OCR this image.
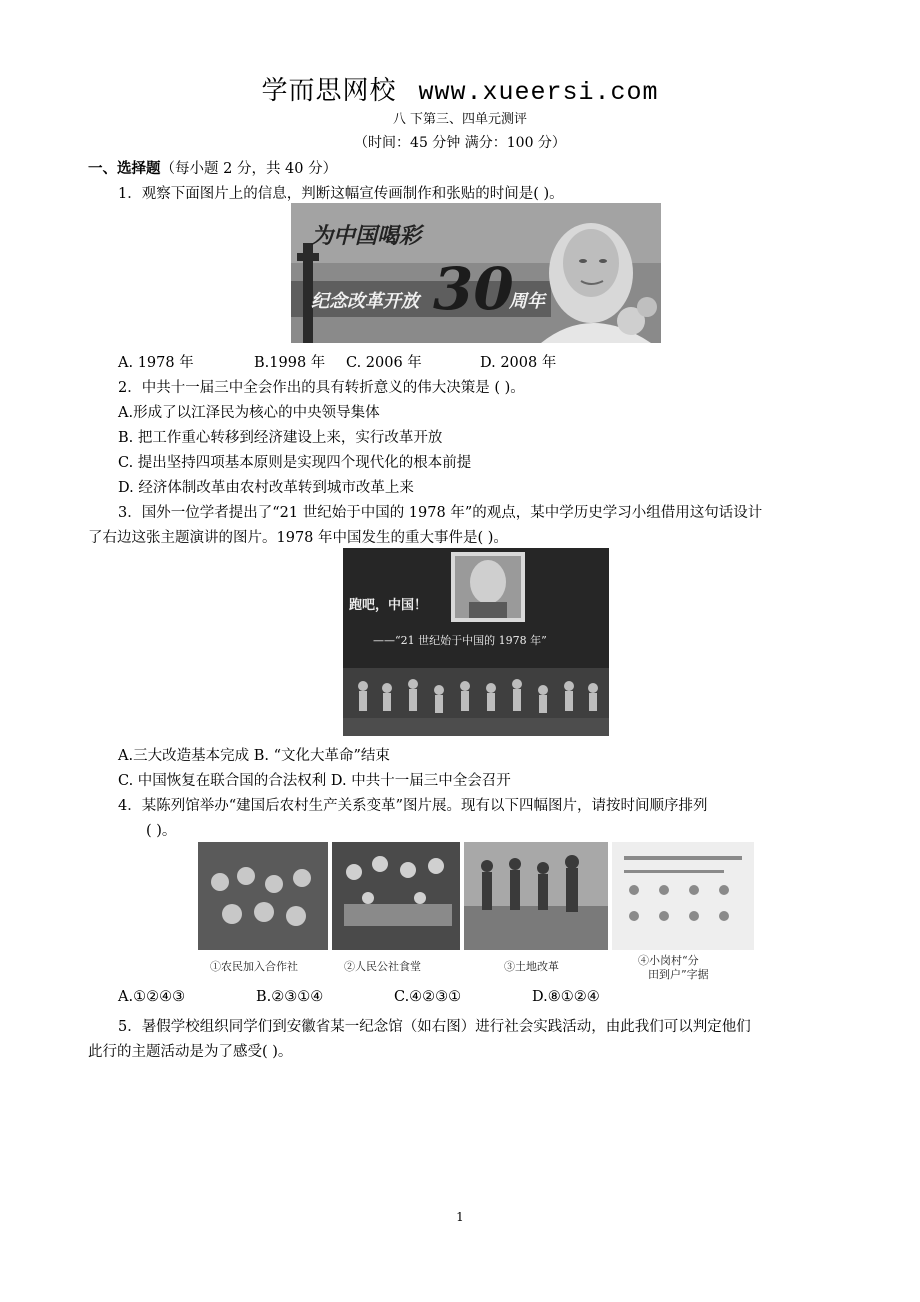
学而思网校 www.xueersi.com
八 下第三、四单元测评
（时间：45 分钟 满分：100 分）
一、选择题（每小题 2 分，共 40 分）
1．观察下面图片上的信息，判断这幅宣传画制作和张贴的时间是( )。
为中国喝彩
纪念改革开放 30
周年
A. 1978 年	B.1998 年 C. 2006 年	D. 2008 年
2．中共十一届三中全会作出的具有转折意义的伟大决策是 ( )。
A.形成了以江泽民为核心的中央领导集体
B. 把工作重心转移到经济建设上来，实行改革开放
C. 提出坚持四项基本原则是实现四个现代化的根本前提
D. 经济体制改革由农村改革转到城市改革上来
3．国外一位学者提出了“21 世纪始于中国的 1978 年”的观点，某中学历史学习小组借用这句话设计
了右边这张主题演讲的图片。1978 年中国发生的重大事件是( )。
跑吧，中国！
——“21 世纪始于中国的 1978 年”
A.三大改造基本完成 B. “文化大革命”结束
C. 中国恢复在联合国的合法权利 D. 中共十一届三中全会召开
4．某陈列馆举办“建国后农村生产关系变革”图片展。现有以下四幅图片，请按时间顺序排列
( )。
①农民加入合作社	②人民公社食堂	③土地改革	④小岗村“分
田到户”字据
A.①②④③	B.②③①④	C.④②③①	D.⑧①②④
5．暑假学校组织同学们到安徽省某一纪念馆（如右图）进行社会实践活动，由此我们可以判定他们
此行的主题活动是为了感受( )。
1
